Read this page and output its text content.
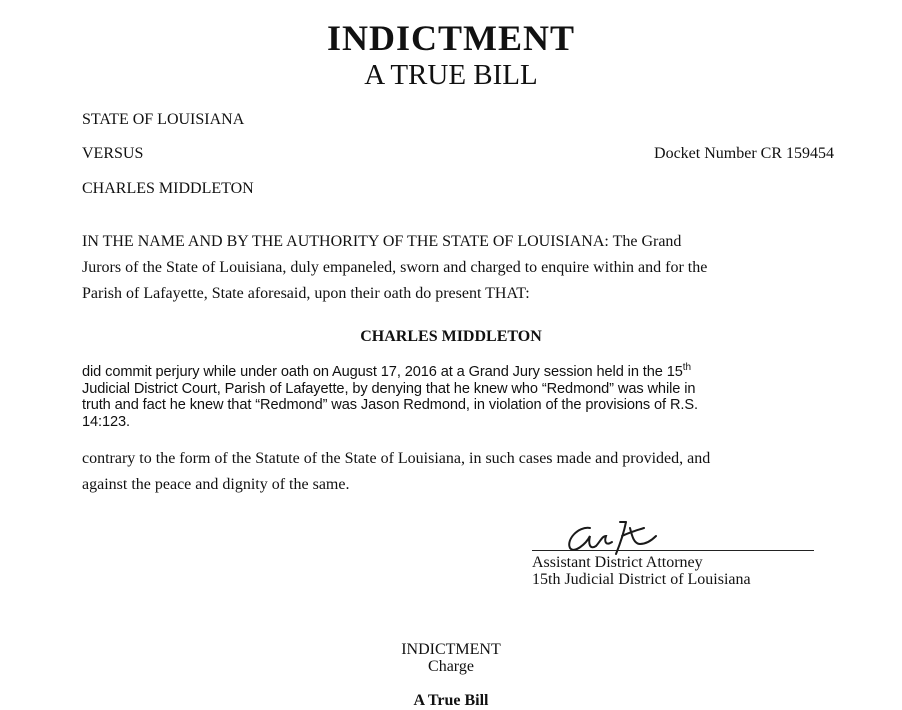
INDICTMENT
A TRUE BILL
STATE OF LOUISIANA
VERSUS	Docket Number CR 159454
CHARLES MIDDLETON
IN THE NAME AND BY THE AUTHORITY OF THE STATE OF LOUISIANA: The Grand
Jurors of the State of Louisiana, duly empaneled, sworn and charged to enquire within and for the
Parish of Lafayette, State aforesaid, upon their oath do present THAT:
CHARLES MIDDLETON
did commit perjury while under oath on August 17, 2016 at a Grand Jury session held in the 15th
Judicial District Court, Parish of Lafayette, by denying that he knew who “Redmond” was while in
truth and fact he knew that “Redmond” was Jason Redmond, in violation of the provisions of R.S.
14:123.
contrary to the form of the Statute of the State of Louisiana, in such cases made and provided, and
against the peace and dignity of the same.
Assistant District Attorney
15th Judicial District of Louisiana
INDICTMENT
Charge
A True Bill
